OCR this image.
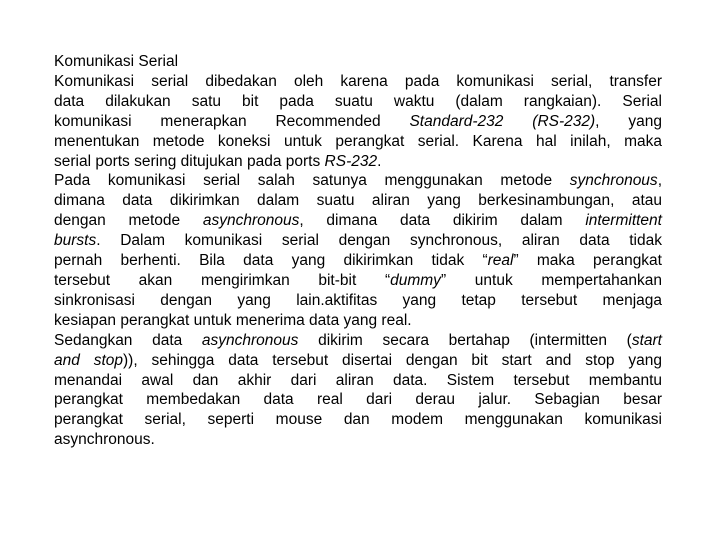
Komunikasi Serial
Komunikasi serial dibedakan oleh karena pada komunikasi serial, transfer
data dilakukan satu bit pada suatu waktu (dalam rangkaian). Serial
komunikasi menerapkan Recommended Standard-232 (RS-232), yang
menentukan metode koneksi untuk perangkat serial. Karena hal inilah, maka
serial ports sering ditujukan pada ports RS-232.
Pada komunikasi serial salah satunya menggunakan metode synchronous,
dimana data dikirimkan dalam suatu aliran yang berkesinambungan, atau
dengan metode asynchronous, dimana data dikirim dalam intermittent
bursts. Dalam komunikasi serial dengan synchronous, aliran data tidak
pernah berhenti. Bila data yang dikirimkan tidak “real” maka perangkat
tersebut akan mengirimkan bit-bit “dummy” untuk mempertahankan
sinkronisasi dengan yang lain.aktifitas yang tetap tersebut menjaga
kesiapan perangkat untuk menerima data yang real.
Sedangkan data asynchronous dikirim secara bertahap (intermitten (start
and stop)), sehingga data tersebut disertai dengan bit start and stop yang
menandai awal dan akhir dari aliran data. Sistem tersebut membantu
perangkat membedakan data real dari derau jalur. Sebagian besar
perangkat serial, seperti mouse dan modem menggunakan komunikasi
asynchronous.
